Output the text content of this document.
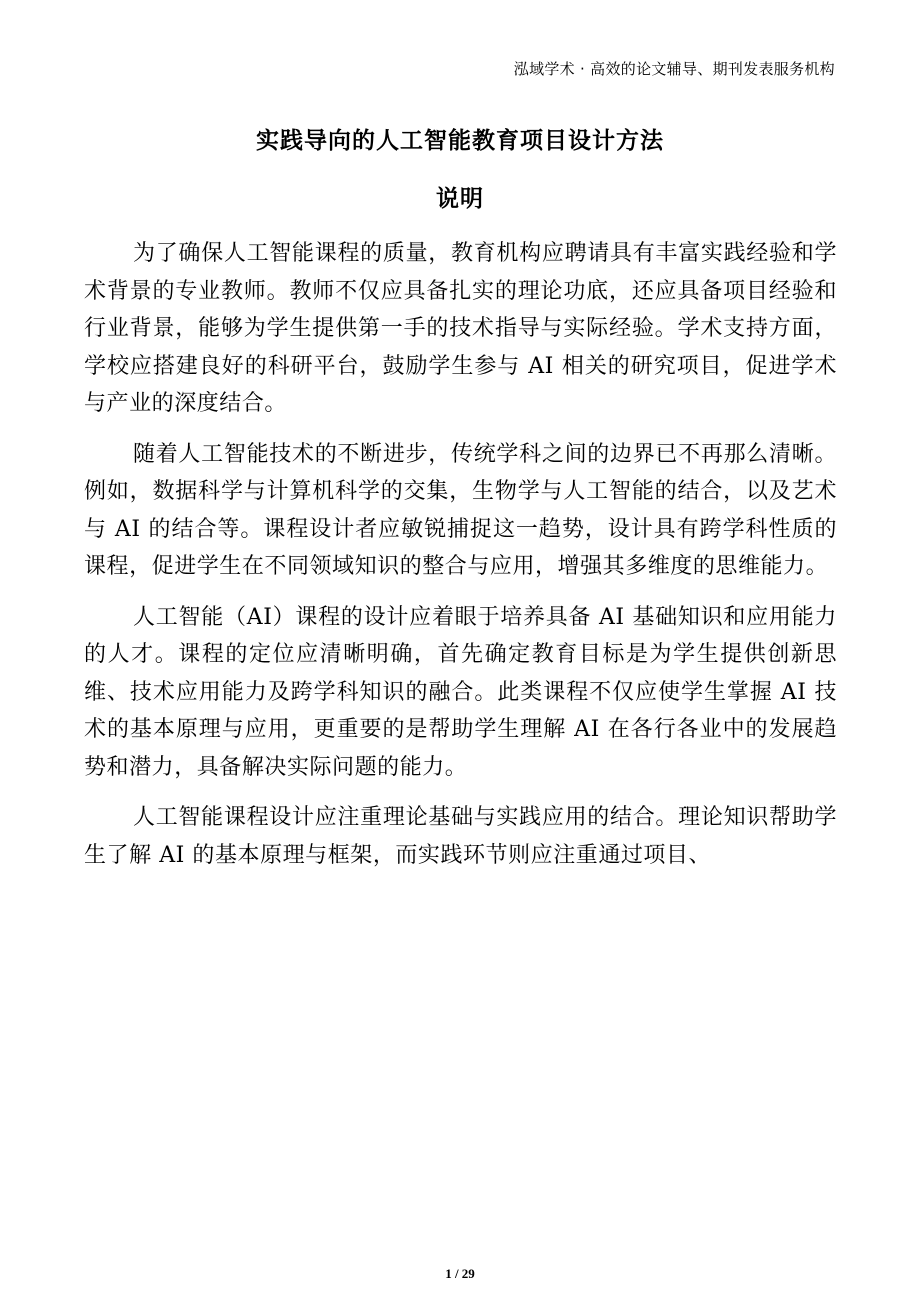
泓域学术 · 高效的论文辅导、期刊发表服务机构
实践导向的人工智能教育项目设计方法
说明

为了确保人工智能课程的质量，教育机构应聘请具有丰富实践经验和学术背景的专业教师。教师不仅应具备扎实的理论功底，还应具备项目经验和行业背景，能够为学生提供第一手的技术指导与实际经验。学术支持方面，学校应搭建良好的科研平台，鼓励学生参与 AI 相关的研究项目，促进学术与产业的深度结合。

随着人工智能技术的不断进步，传统学科之间的边界已不再那么清晰。例如，数据科学与计算机科学的交集，生物学与人工智能的结合，以及艺术与 AI 的结合等。课程设计者应敏锐捕捉这一趋势，设计具有跨学科性质的课程，促进学生在不同领域知识的整合与应用，增强其多维度的思维能力。

人工智能（AI）课程的设计应着眼于培养具备 AI 基础知识和应用能力的人才。课程的定位应清晰明确，首先确定教育目标是为学生提供创新思维、技术应用能力及跨学科知识的融合。此类课程不仅应使学生掌握 AI 技术的基本原理与应用，更重要的是帮助学生理解 AI 在各行各业中的发展趋势和潜力，具备解决实际问题的能力。

人工智能课程设计应注重理论基础与实践应用的结合。理论知识帮助学生了解 AI 的基本原理与框架，而实践环节则应注重通过项目、

1 / 29
